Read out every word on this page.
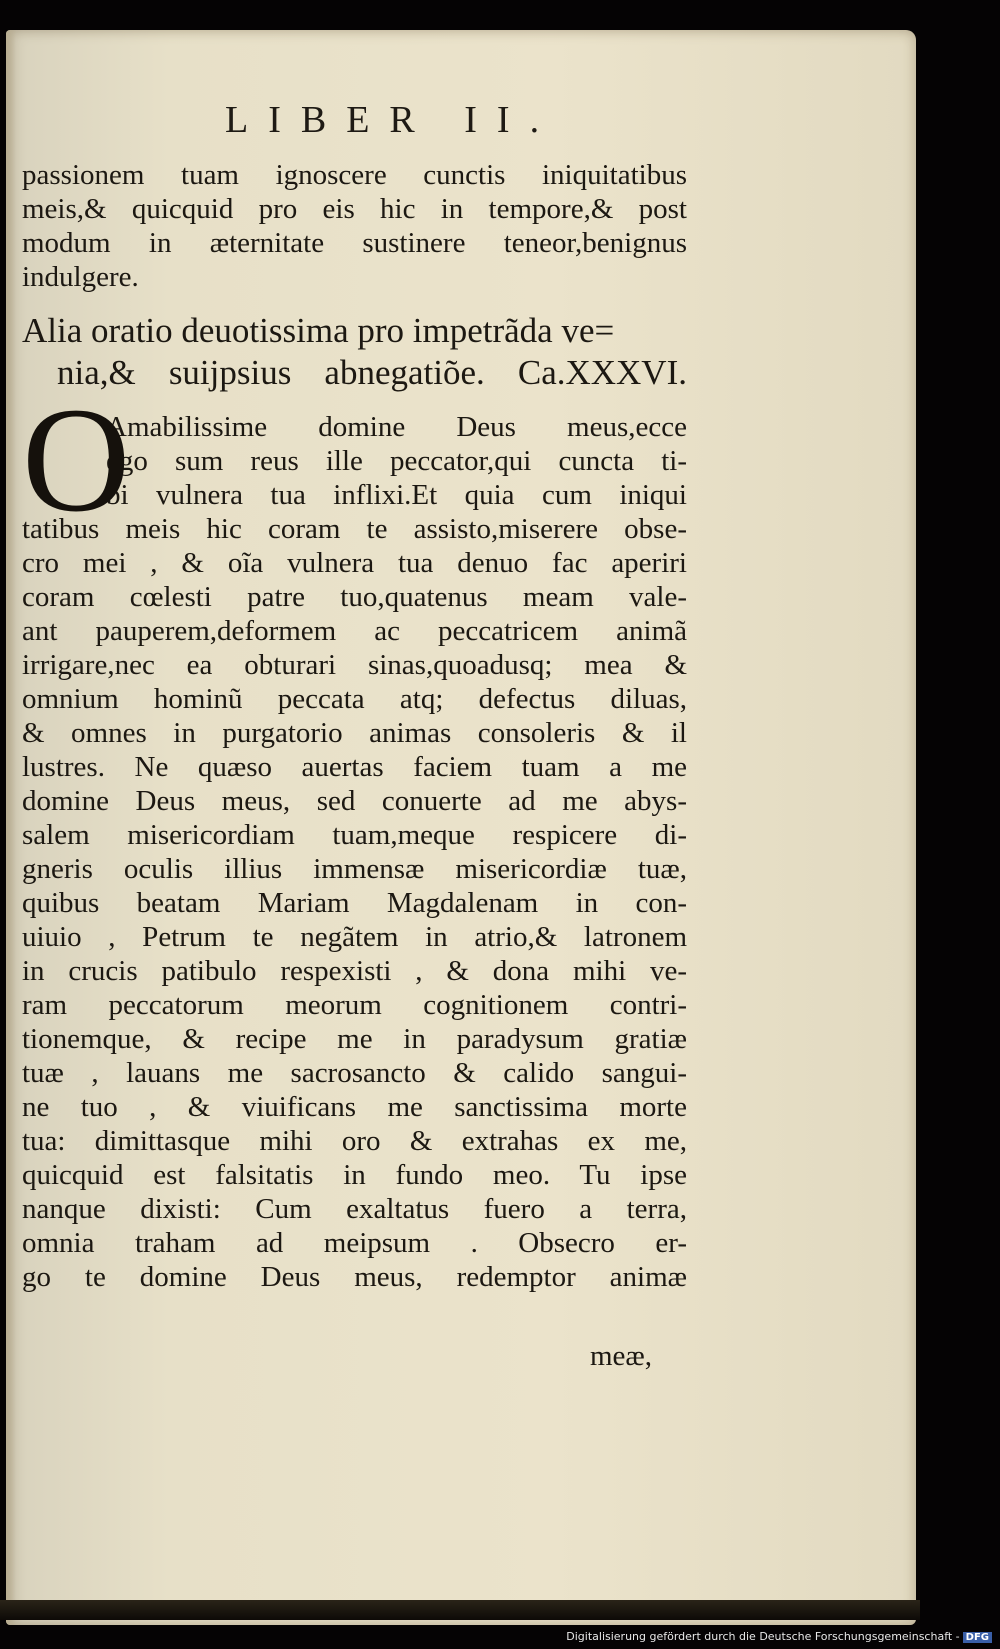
LIBER II.
passionem tuam ignoscere cunctis iniquitatibus
meis,& quicquid pro eis hic in tempore,& post
modum in æternitate sustinere teneor,benignus
indulgere.
Alia oratio deuotissima pro impetrãda ve=
nia,& suijpsius abnegatiõe. Ca.XXXVI.
O
Amabilissime domine Deus meus,ecce
ego sum reus ille peccator,qui cuncta ti-
bi vulnera tua inflixi.Et quia cum iniqui
tatibus meis hic coram te assisto,miserere obse-
cro mei , & oĩa vulnera tua denuo fac aperiri
coram cœlesti patre tuo,quatenus meam vale-
ant pauperem,deformem ac peccatricem animã
irrigare,nec ea obturari sinas,quoadusq; mea &
omnium hominũ peccata atq; defectus diluas,
& omnes in purgatorio animas consoleris & il
lustres. Ne quæso auertas faciem tuam a me
domine Deus meus, sed conuerte ad me abys-
salem misericordiam tuam,meque respicere di-
gneris oculis illius immensæ misericordiæ tuæ,
quibus beatam Mariam Magdalenam in con-
uiuio , Petrum te negãtem in atrio,& latronem
in crucis patibulo respexisti , & dona mihi ve-
ram peccatorum meorum cognitionem contri-
tionemque, & recipe me in paradysum gratiæ
tuæ , lauans me sacrosancto & calido sangui-
ne tuo , & viuificans me sanctissima morte
tua: dimittasque mihi oro & extrahas ex me,
quicquid est falsitatis in fundo meo. Tu ipse
nanque dixisti: Cum exaltatus fuero a terra,
omnia traham ad meipsum . Obsecro er-
go te domine Deus meus, redemptor animæ
meæ,
Digitalisierung gefördert durch die Deutsche Forschungsgemeinschaft - DFG
